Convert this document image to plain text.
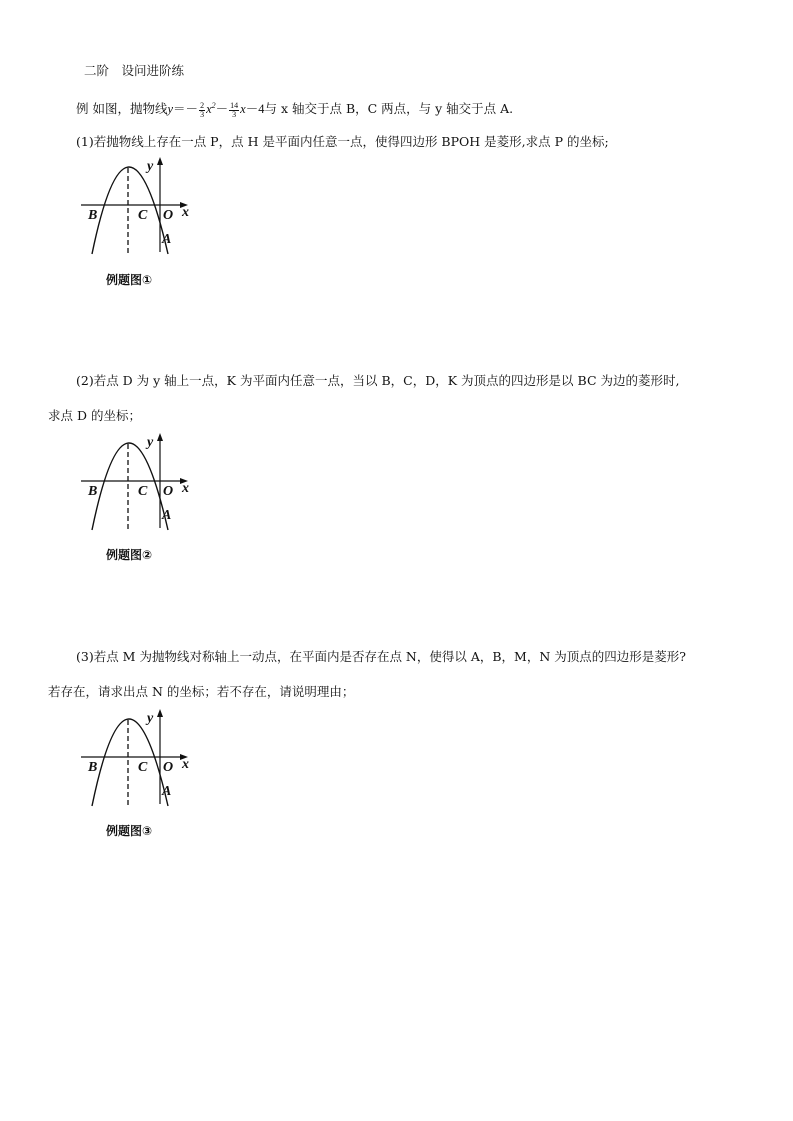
二阶　设问进阶练
例 如图，抛物线$y=- \frac{2}{3} x^2- \frac{14}{3} x-4$与 x 轴交于点 B，C 两点，与 y 轴交于点 A.
(1)若抛物线上存在一点 P，点 H 是平面内任意一点，使得四边形 BPOH 是菱形,求点 P 的坐标;
B	C O x
y
A
例题图①
(2)若点 D 为 y 轴上一点，K 为平面内任意一点，当以 B，C，D，K 为顶点的四边形是以 BC 为边的菱形时,
求点 D 的坐标；
B	C O x
y
A
例题图②
(3)若点 M 为抛物线对称轴上一动点，在平面内是否存在点 N，使得以 A，B，M，N 为顶点的四边形是菱形?
若存在，请求出点 N 的坐标；若不存在，请说明理由；
B	C O x
y
A
例题图③
